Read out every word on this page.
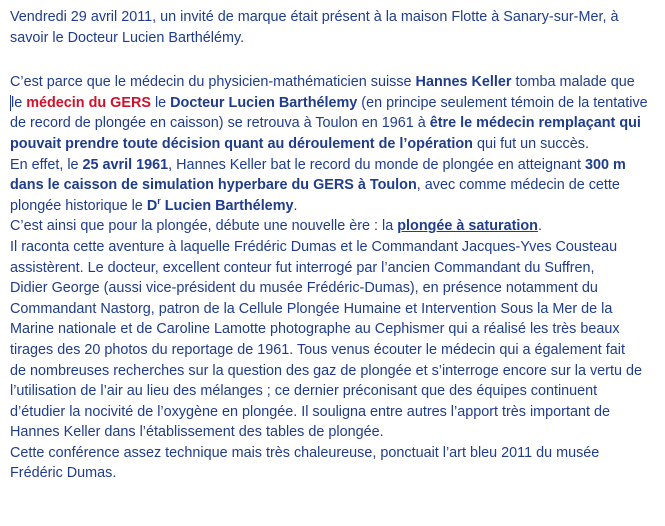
Vendredi 29 avril 2011, un invité de marque était présent à la maison Flotte à Sanary-sur-Mer, à

savoir le Docteur Lucien Barthélémy.

C’est parce que le médecin du physicien-mathématicien suisse Hannes Keller tomba malade que

le médecin du GERS le Docteur Lucien Barthélemy (en principe seulement témoin de la tentative

de record de plongée en caisson) se retrouva à Toulon en 1961 à être le médecin remplaçant qui

pouvait prendre toute décision quant au déroulement de l’opération qui fut un succès.

En effet, le 25 avril 1961, Hannes Keller bat le record du monde de plongée en atteignant 300 m

dans le caisson de simulation hyperbare du GERS à Toulon, avec comme médecin de cette

plongée historique le $D^r$ Lucien Barthélemy.

C’est ainsi que pour la plongée, débute une nouvelle ère : la plongée à saturation.

Il raconta cette aventure à laquelle Frédéric Dumas et le Commandant Jacques-Yves Cousteau

assistèrent. Le docteur, excellent conteur fut interrogé par l’ancien Commandant du Suffren,

Didier George (aussi vice-président du musée Frédéric-Dumas), en présence notamment du

Commandant Nastorg, patron de la Cellule Plongée Humaine et Intervention Sous la Mer de la

Marine nationale et de Caroline Lamotte photographe au Cephismer qui a réalisé les très beaux

tirages des 20 photos du reportage de 1961. Tous venus écouter le médecin qui a également fait

de nombreuses recherches sur la question des gaz de plongée et s’interroge encore sur la vertu de

l’utilisation de l’air au lieu des mélanges ; ce dernier préconisant que des équipes continuent

d’étudier la nocivité de l’oxygène en plongée. Il souligna entre autres l’apport très important de

Hannes Keller dans l’établissement des tables de plongée.

Cette conférence assez technique mais très chaleureuse, ponctuait l’art bleu 2011 du musée

Frédéric Dumas.
